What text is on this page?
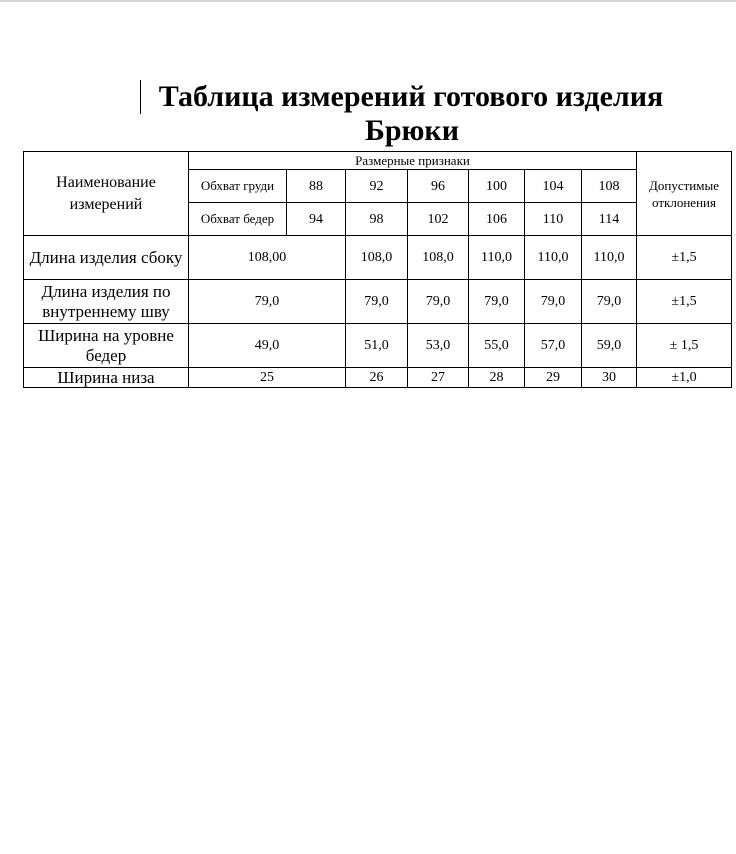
Таблица измерений готового изделия
Брюки
Наименование измерений	Размерные признаки							Допустимые отклонения
	Обхват груди	88	92	96	100	104	108	
	Обхват бедер	94	98	102	106	110	114	
Длина изделия сбоку	108,00		108,0	108,0	110,0	110,0	110,0	±1,5
Длина изделия по внутреннему шву	79,0		79,0	79,0	79,0	79,0	79,0	±1,5
Ширина на уровне бедер	49,0		51,0	53,0	55,0	57,0	59,0	± 1,5
Ширина низа	25		26	27	28	29	30	±1,0
